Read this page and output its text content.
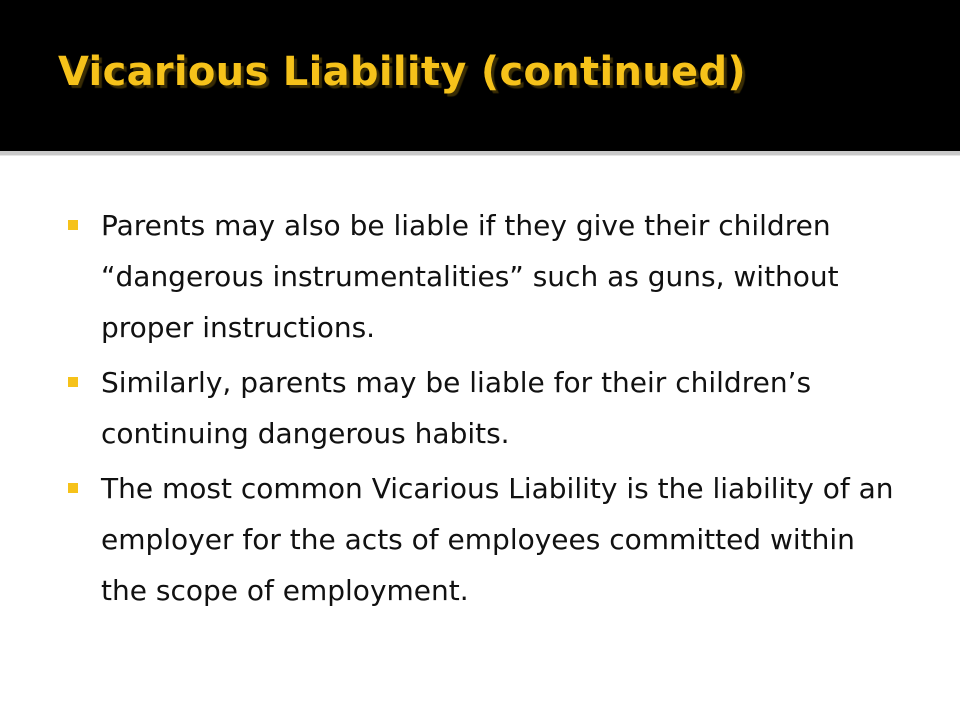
Vicarious Liability (continued)
Parents may also be liable if they give their children “dangerous instrumentalities” such as guns, without proper instructions.
Similarly, parents may be liable for their children’s continuing dangerous habits.
The most common Vicarious Liability is the liability of an employer for the acts of employees committed within the scope of employment.
